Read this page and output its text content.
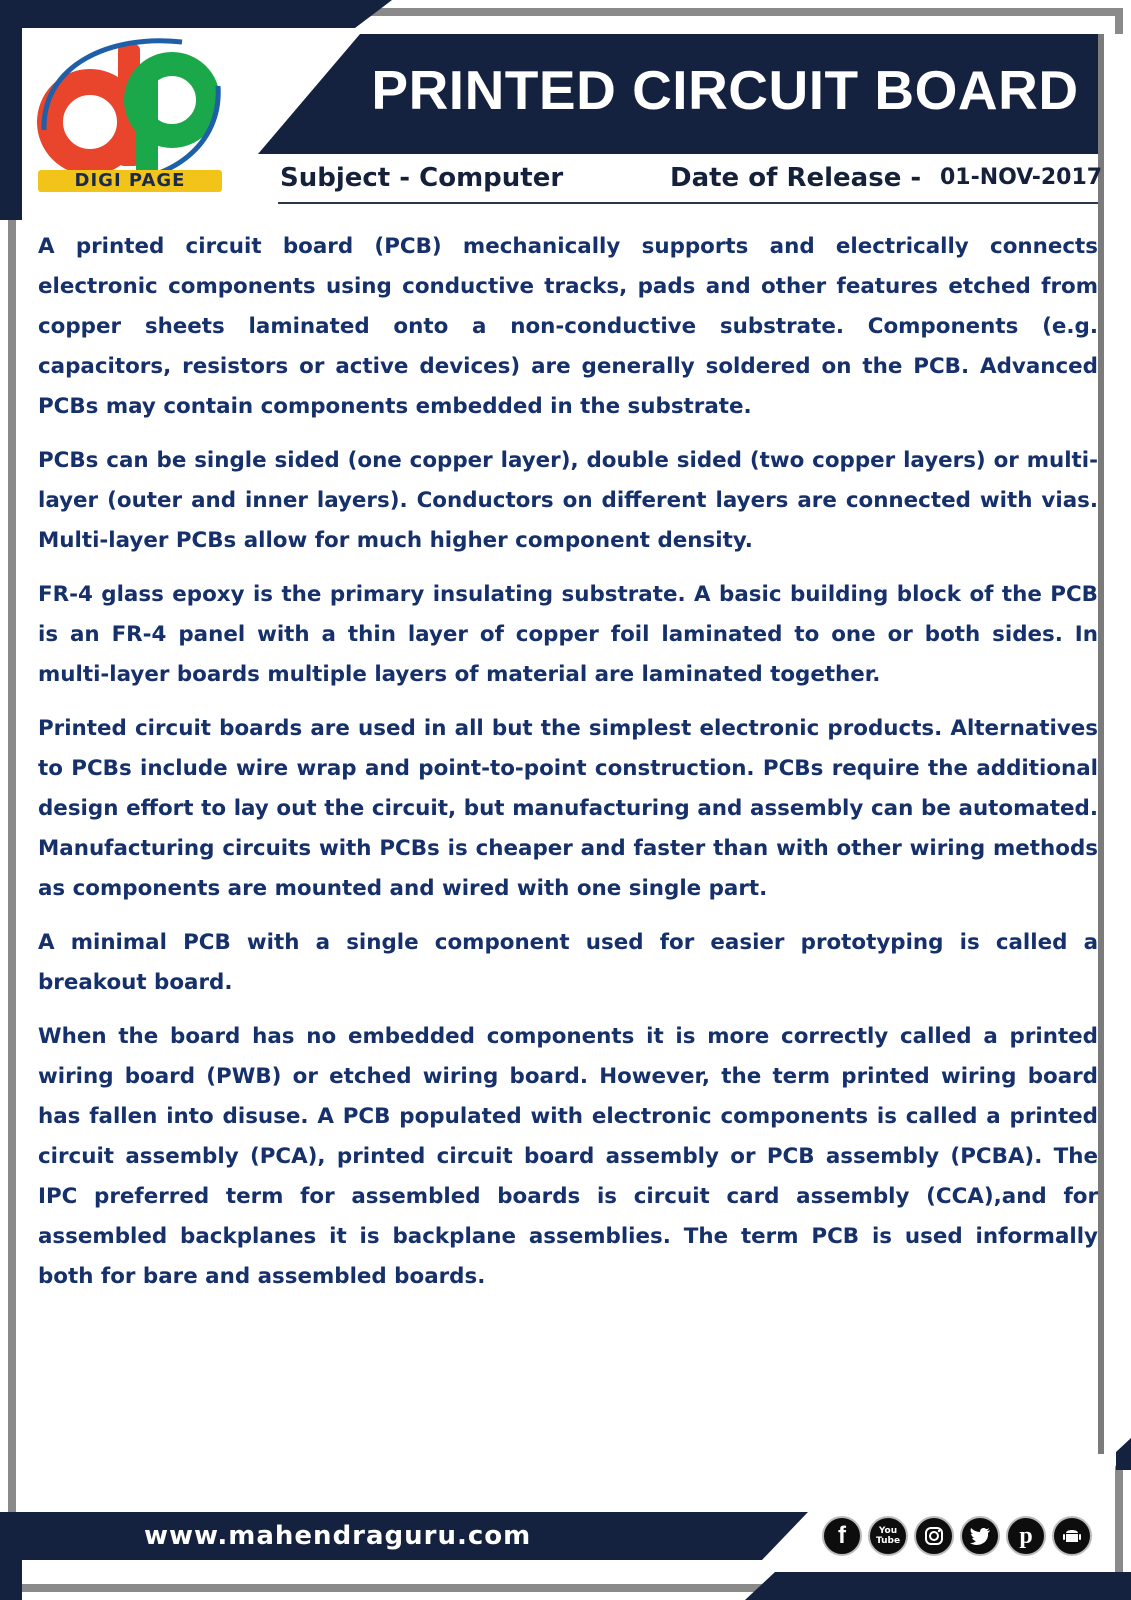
DIGI PAGE
PRINTED CIRCUIT BOARD
Subject - Computer	Date of Release - 01-NOV-2017

A printed circuit board (PCB) mechanically supports and electrically connects electronic components using conductive tracks, pads and other features etched from copper sheets laminated onto a non-conductive substrate. Components (e.g. capacitors, resistors or active devices) are generally soldered on the PCB. Advanced PCBs may contain components embedded in the substrate.

PCBs can be single sided (one copper layer), double sided (two copper layers) or multi-layer (outer and inner layers). Conductors on different layers are connected with vias. Multi-layer PCBs allow for much higher component density.

FR-4 glass epoxy is the primary insulating substrate. A basic building block of the PCB is an FR-4 panel with a thin layer of copper foil laminated to one or both sides. In multi-layer boards multiple layers of material are laminated together.

Printed circuit boards are used in all but the simplest electronic products. Alternatives to PCBs include wire wrap and point-to-point construction. PCBs require the additional design effort to lay out the circuit, but manufacturing and assembly can be automated. Manufacturing circuits with PCBs is cheaper and faster than with other wiring methods as components are mounted and wired with one single part.

A minimal PCB with a single component used for easier prototyping is called a breakout board.

When the board has no embedded components it is more correctly called a printed wiring board (PWB) or etched wiring board. However, the term printed wiring board has fallen into disuse. A PCB populated with electronic components is called a printed circuit assembly (PCA), printed circuit board assembly or PCB assembly (PCBA). The IPC preferred term for assembled boards is circuit card assembly (CCA),and for assembled backplanes it is backplane assemblies. The term PCB is used informally both for bare and assembled boards.

www.mahendraguru.com	f	You Tube	p
